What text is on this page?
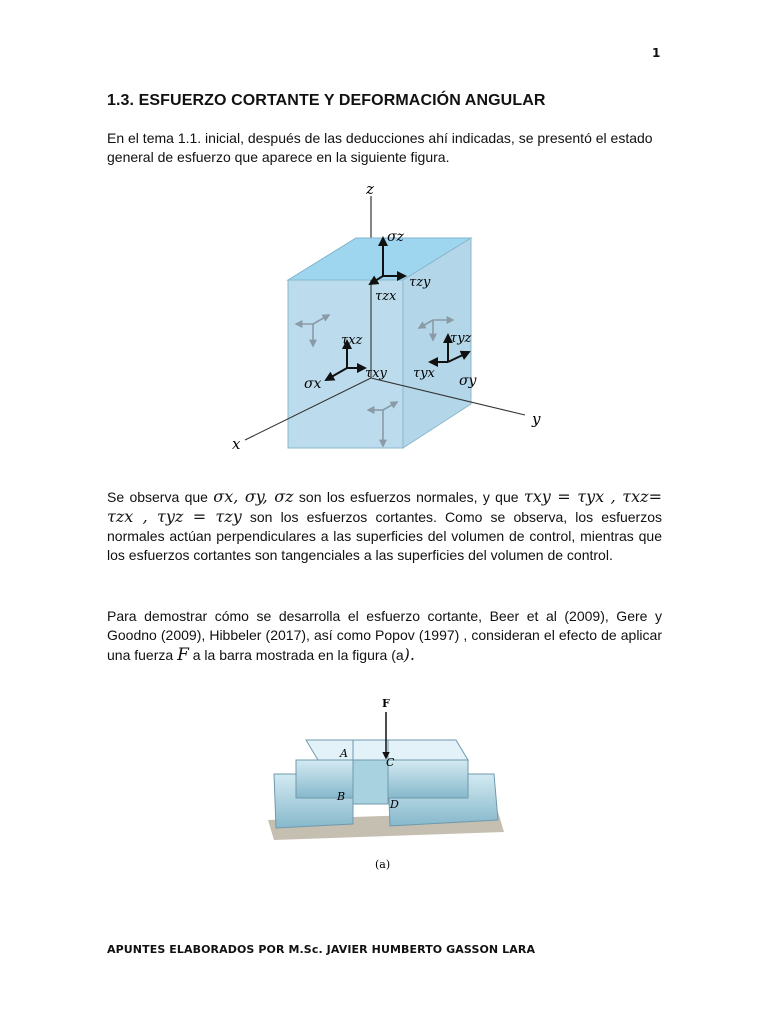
1
1.3. ESFUERZO CORTANTE Y DEFORMACIÓN ANGULAR

En el tema 1.1. inicial, después de las deducciones ahí indicadas, se presentó el estado general de esfuerzo que aparece en la siguiente figura.

z
y
x
σz
τzy
τzx
τxz
τxy
σx
τyz
τyx σy

Se observa que σx, σy, σz son los esfuerzos normales, y que τxy = τyx , τxz= τzx , τyz = τzy son los esfuerzos cortantes. Como se observa, los esfuerzos normales actúan perpendiculares a las superficies del volumen de control, mientras que los esfuerzos cortantes son tangenciales a las superficies del volumen de control.

Para demostrar cómo se desarrolla el esfuerzo cortante, Beer et al (2009), Gere y Goodno (2009), Hibbeler (2017), así como Popov (1997) , consideran el efecto de aplicar una fuerza F a la barra mostrada en la figura (a).

F
A
C
B
D
(a)
APUNTES ELABORADOS POR M.Sc. JAVIER HUMBERTO GASSON LARA
